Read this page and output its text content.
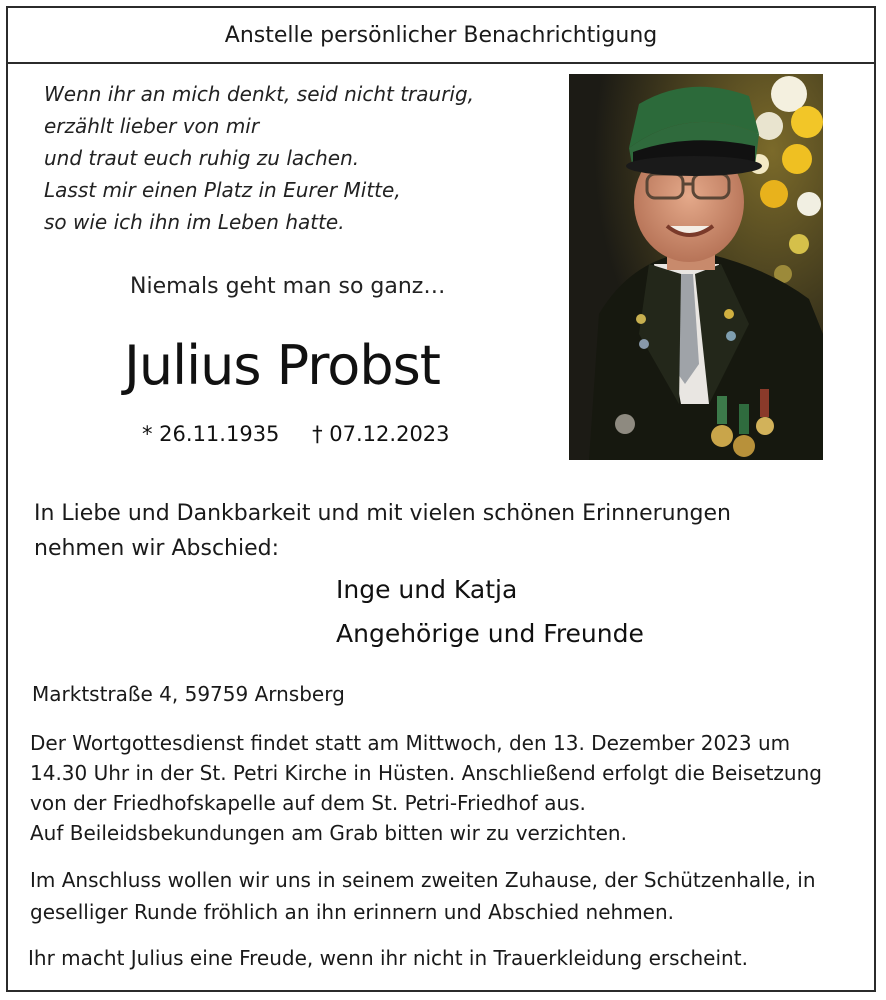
Anstelle persönlicher Benachrichtigung
Wenn ihr an mich denkt, seid nicht traurig,
erzählt lieber von mir
und traut euch ruhig zu lachen.
Lasst mir einen Platz in Eurer Mitte,
so wie ich ihn im Leben hatte.
Niemals geht man so ganz…
Julius Probst
* 26.11.1935 † 07.12.2023
In Liebe und Dankbarkeit und mit vielen schönen Erinnerungen
nehmen wir Abschied:
Inge und Katja
Angehörige und Freunde
Marktstraße 4, 59759 Arnsberg
Der Wortgottesdienst findet statt am Mittwoch, den 13. Dezember 2023 um
14.30 Uhr in der St. Petri Kirche in Hüsten. Anschließend erfolgt die Beisetzung
von der Friedhofskapelle auf dem St. Petri-Friedhof aus.
Auf Beileidsbekundungen am Grab bitten wir zu verzichten.
Im Anschluss wollen wir uns in seinem zweiten Zuhause, der Schützenhalle, in
geselliger Runde fröhlich an ihn erinnern und Abschied nehmen.
Ihr macht Julius eine Freude, wenn ihr nicht in Trauerkleidung erscheint.
